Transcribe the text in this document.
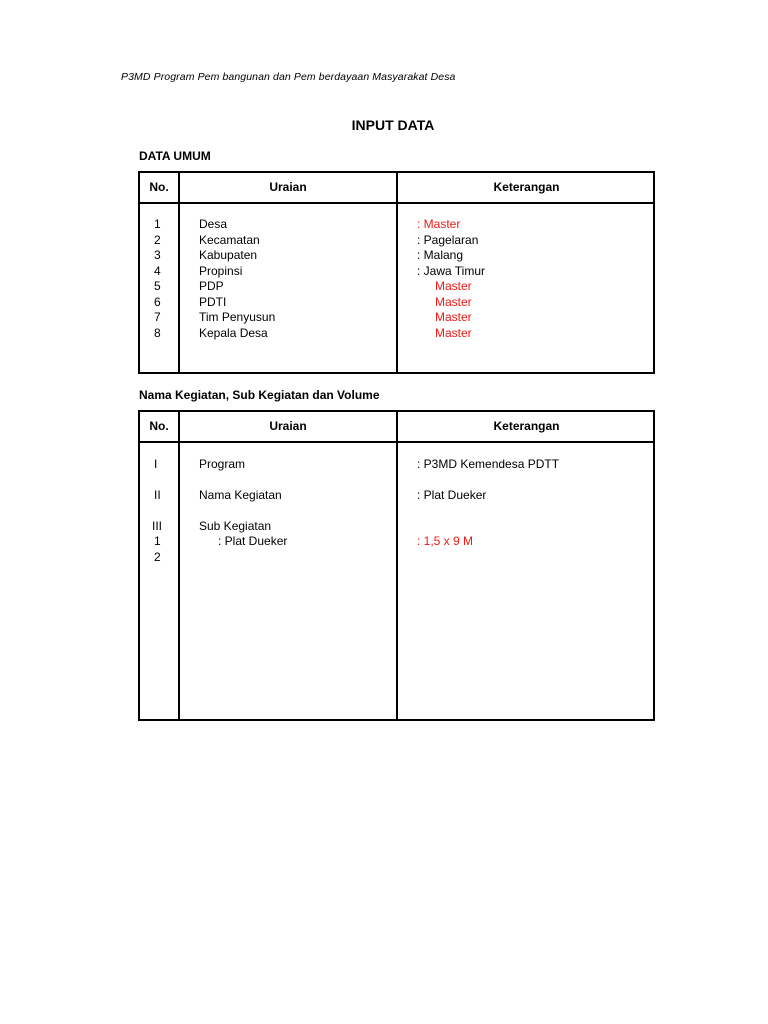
P3MD Program Pem bangunan dan Pem berdayaan Masyarakat Desa
INPUT DATA
DATA UMUM
No.	Uraian	Keterangan
1	Desa	: Master
2	Kecamatan	: Pagelaran
3	Kabupaten	: Malang
4	Propinsi	: Jawa Timur
5	PDP	Master
6	PDTI	Master
7	Tim Penyusun	Master
8	Kepala Desa	Master
Nama Kegiatan, Sub Kegiatan dan Volume
No.	Uraian	Keterangan
I	Program	: P3MD Kemendesa PDTT
II	Nama Kegiatan	: Plat Dueker
III	Sub Kegiatan
1	: Plat Dueker	: 1,5 x 9 M
2
